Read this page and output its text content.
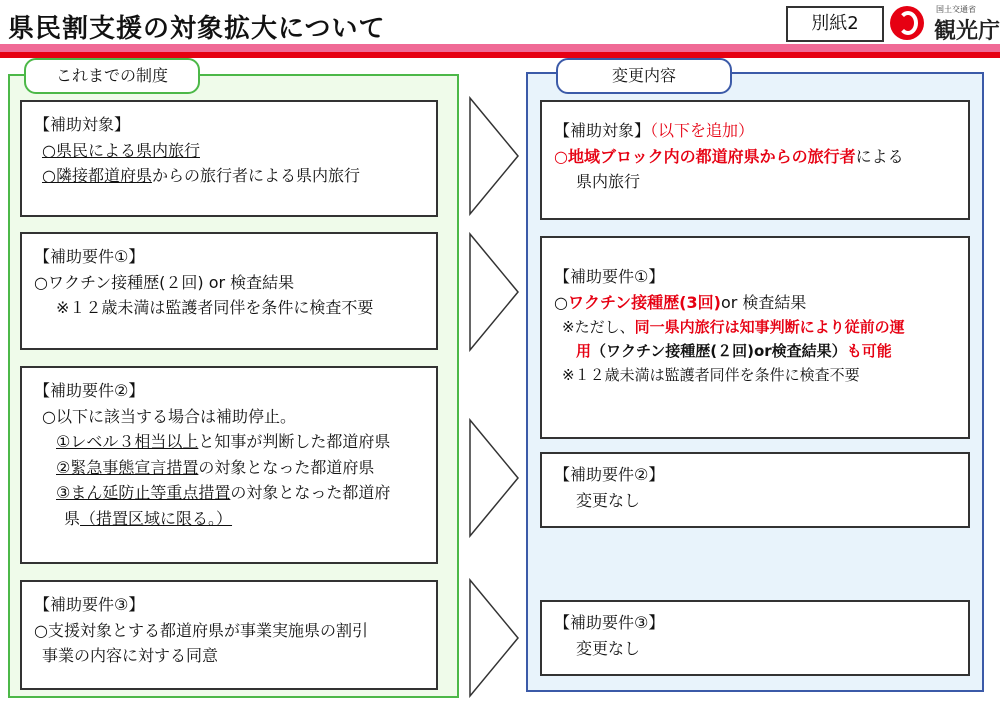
県民割支援の対象拡大について	別紙2
国土交通省
観光庁
これまでの制度	変更内容
【補助対象】
○県民による県内旅行
○隣接都道府県からの旅行者による県内旅行
【補助要件①】
○ワクチン接種歴(２回) or 検査結果
※１２歳未満は監護者同伴を条件に検査不要
【補助要件②】
○以下に該当する場合は補助停止。
①レベル３相当以上と知事が判断した都道府県
②緊急事態宣言措置の対象となった都道府県
③まん延防止等重点措置の対象となった都道府
県（措置区域に限る。）
【補助要件③】
○支援対象とする都道府県が事業実施県の割引
事業の内容に対する同意
【補助対象】（以下を追加）
○地域ブロック内の都道府県からの旅行者による
県内旅行
【補助要件①】
○ワクチン接種歴(3回)or 検査結果
※ただし、同一県内旅行は知事判断により従前の運
用（ワクチン接種歴(２回)or検査結果）も可能
※１２歳未満は監護者同伴を条件に検査不要
【補助要件②】
変更なし
【補助要件③】
変更なし
